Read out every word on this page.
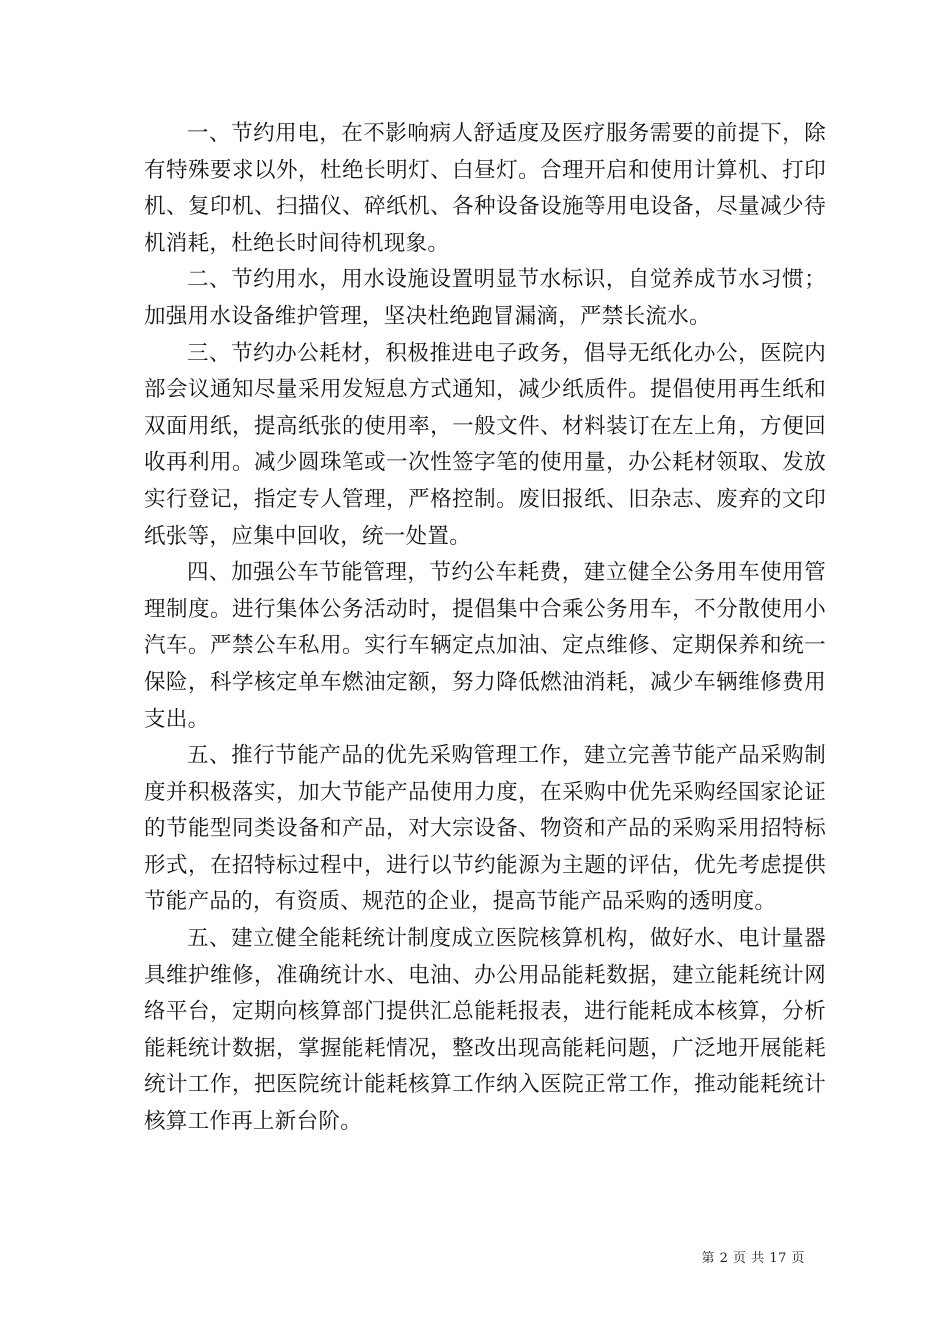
一、节约用电，在不影响病人舒适度及医疗服务需要的前提下，除有特殊要求以外，杜绝长明灯、白昼灯。合理开启和使用计算机、打印机、复印机、扫描仪、碎纸机、各种设备设施等用电设备，尽量减少待机消耗，杜绝长时间待机现象。

二、节约用水，用水设施设置明显节水标识，自觉养成节水习惯；加强用水设备维护管理，坚决杜绝跑冒漏滴，严禁长流水。

三、节约办公耗材，积极推进电子政务，倡导无纸化办公，医院内部会议通知尽量采用发短息方式通知，减少纸质件。提倡使用再生纸和双面用纸，提高纸张的使用率，一般文件、材料装订在左上角，方便回收再利用。减少圆珠笔或一次性签字笔的使用量，办公耗材领取、发放实行登记，指定专人管理，严格控制。废旧报纸、旧杂志、废弃的文印纸张等，应集中回收，统一处置。

四、加强公车节能管理，节约公车耗费，建立健全公务用车使用管理制度。进行集体公务活动时，提倡集中合乘公务用车，不分散使用小汽车。严禁公车私用。实行车辆定点加油、定点维修、定期保养和统一保险，科学核定单车燃油定额，努力降低燃油消耗，减少车辆维修费用支出。

五、推行节能产品的优先采购管理工作，建立完善节能产品采购制度并积极落实，加大节能产品使用力度，在采购中优先采购经国家论证的节能型同类设备和产品，对大宗设备、物资和产品的采购采用招特标形式，在招特标过程中，进行以节约能源为主题的评估，优先考虑提供节能产品的，有资质、规范的企业，提高节能产品采购的透明度。

五、建立健全能耗统计制度成立医院核算机构，做好水、电计量器具维护维修，准确统计水、电油、办公用品能耗数据，建立能耗统计网络平台，定期向核算部门提供汇总能耗报表，进行能耗成本核算，分析能耗统计数据，掌握能耗情况，整改出现高能耗问题，广泛地开展能耗统计工作，把医院统计能耗核算工作纳入医院正常工作，推动能耗统计核算工作再上新台阶。

第 2 页 共 17 页
